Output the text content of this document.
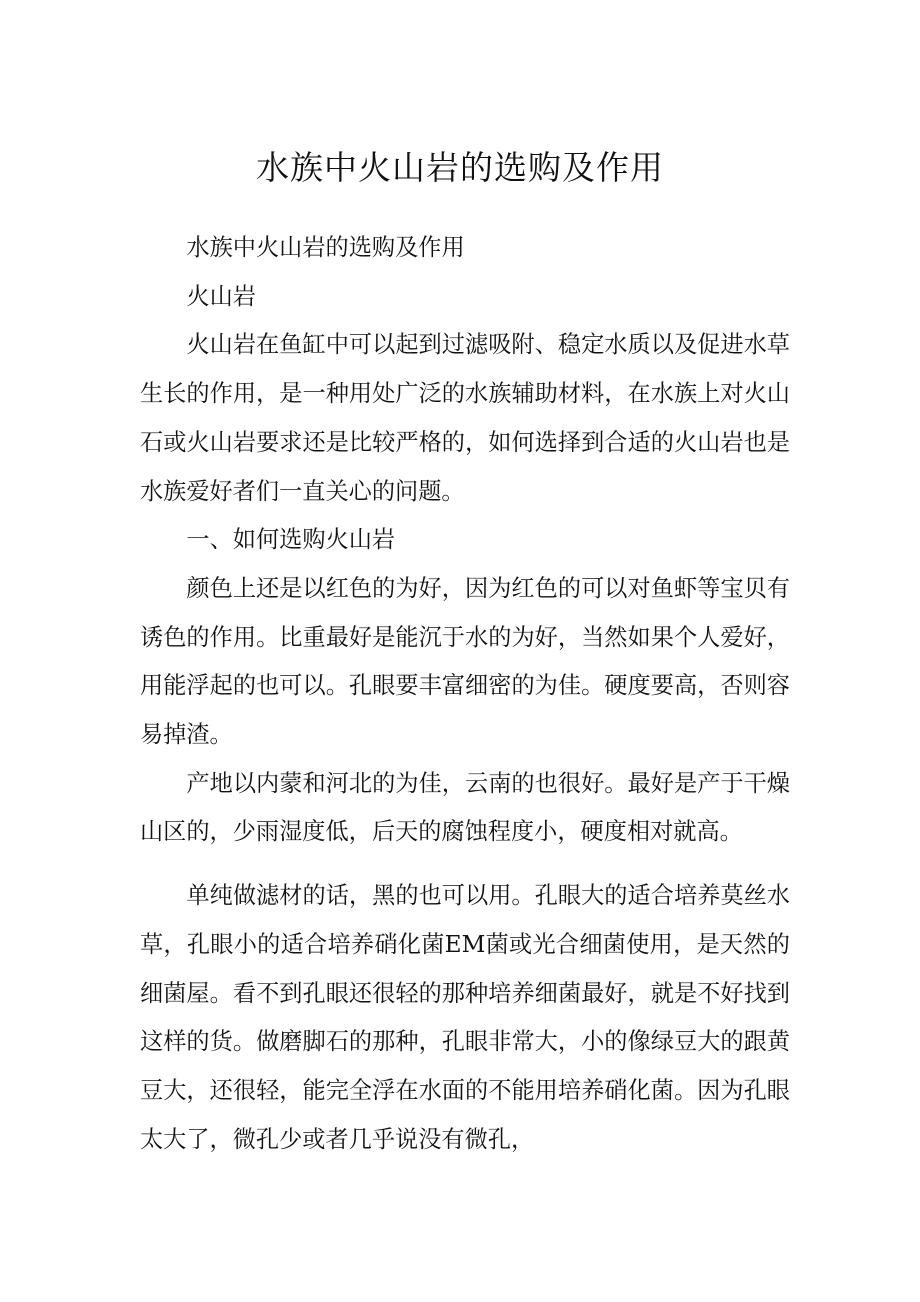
水族中火山岩的选购及作用

水族中火山岩的选购及作用

火山岩

火山岩在鱼缸中可以起到过滤吸附、稳定水质以及促进水草生长的作用，是一种用处广泛的水族辅助材料，在水族上对火山石或火山岩要求还是比较严格的，如何选择到合适的火山岩也是水族爱好者们一直关心的问题。

一、如何选购火山岩

颜色上还是以红色的为好，因为红色的可以对鱼虾等宝贝有诱色的作用。比重最好是能沉于水的为好，当然如果个人爱好，用能浮起的也可以。孔眼要丰富细密的为佳。硬度要高，否则容易掉渣。

产地以内蒙和河北的为佳，云南的也很好。最好是产于干燥山区的，少雨湿度低，后天的腐蚀程度小，硬度相对就高。

单纯做滤材的话，黑的也可以用。孔眼大的适合培养莫丝水草，孔眼小的适合培养硝化菌EM菌或光合细菌使用，是天然的细菌屋。看不到孔眼还很轻的那种培养细菌最好，就是不好找到这样的货。做磨脚石的那种，孔眼非常大，小的像绿豆大的跟黄豆大，还很轻，能完全浮在水面的不能用培养硝化菌。因为孔眼太大了，微孔少或者几乎说没有微孔，
